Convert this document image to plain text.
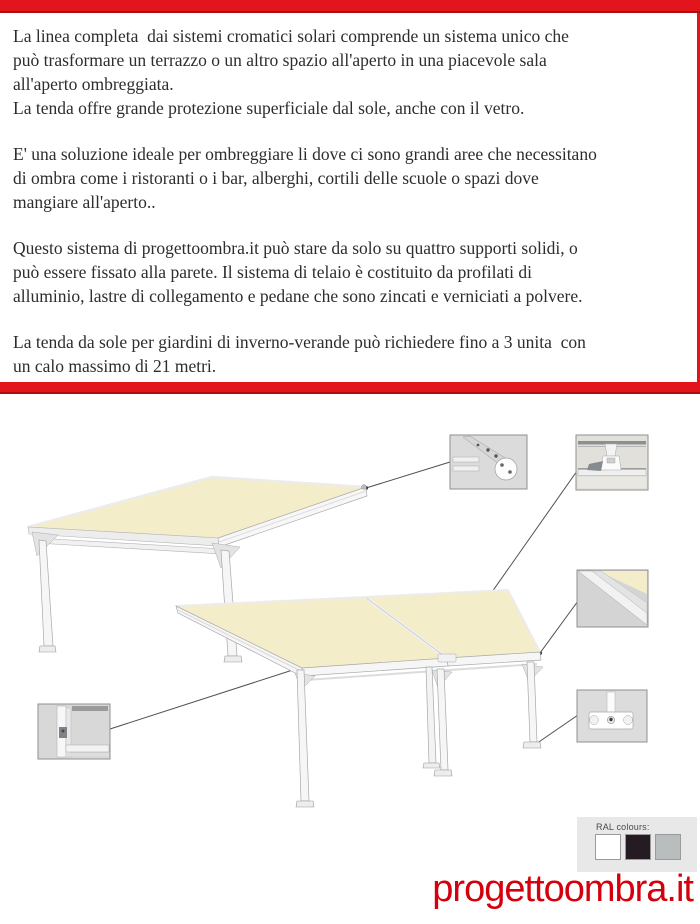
La linea completa  dai sistemi cromatici solari comprende un sistema unico che
può trasformare un terrazzo o un altro spazio all'aperto in una piacevole sala
all'aperto ombreggiata.
La tenda offre grande protezione superficiale dal sole, anche con il vetro.
E' una soluzione ideale per ombreggiare li dove ci sono grandi aree che necessitano
di ombra come i ristoranti o i bar, alberghi, cortili delle scuole o spazi dove
mangiare all'aperto..
Questo sistema di progettoombra.it può stare da solo su quattro supporti solidi, o
può essere fissato alla parete. Il sistema di telaio è costituito da profilati di
alluminio, lastre di collegamento e pedane che sono zincati e verniciati a polvere.
La tenda da sole per giardini di inverno-verande può richiedere fino a 3 unita  con
un calo massimo di 21 metri.
RAL colours:
progettoombra.it
